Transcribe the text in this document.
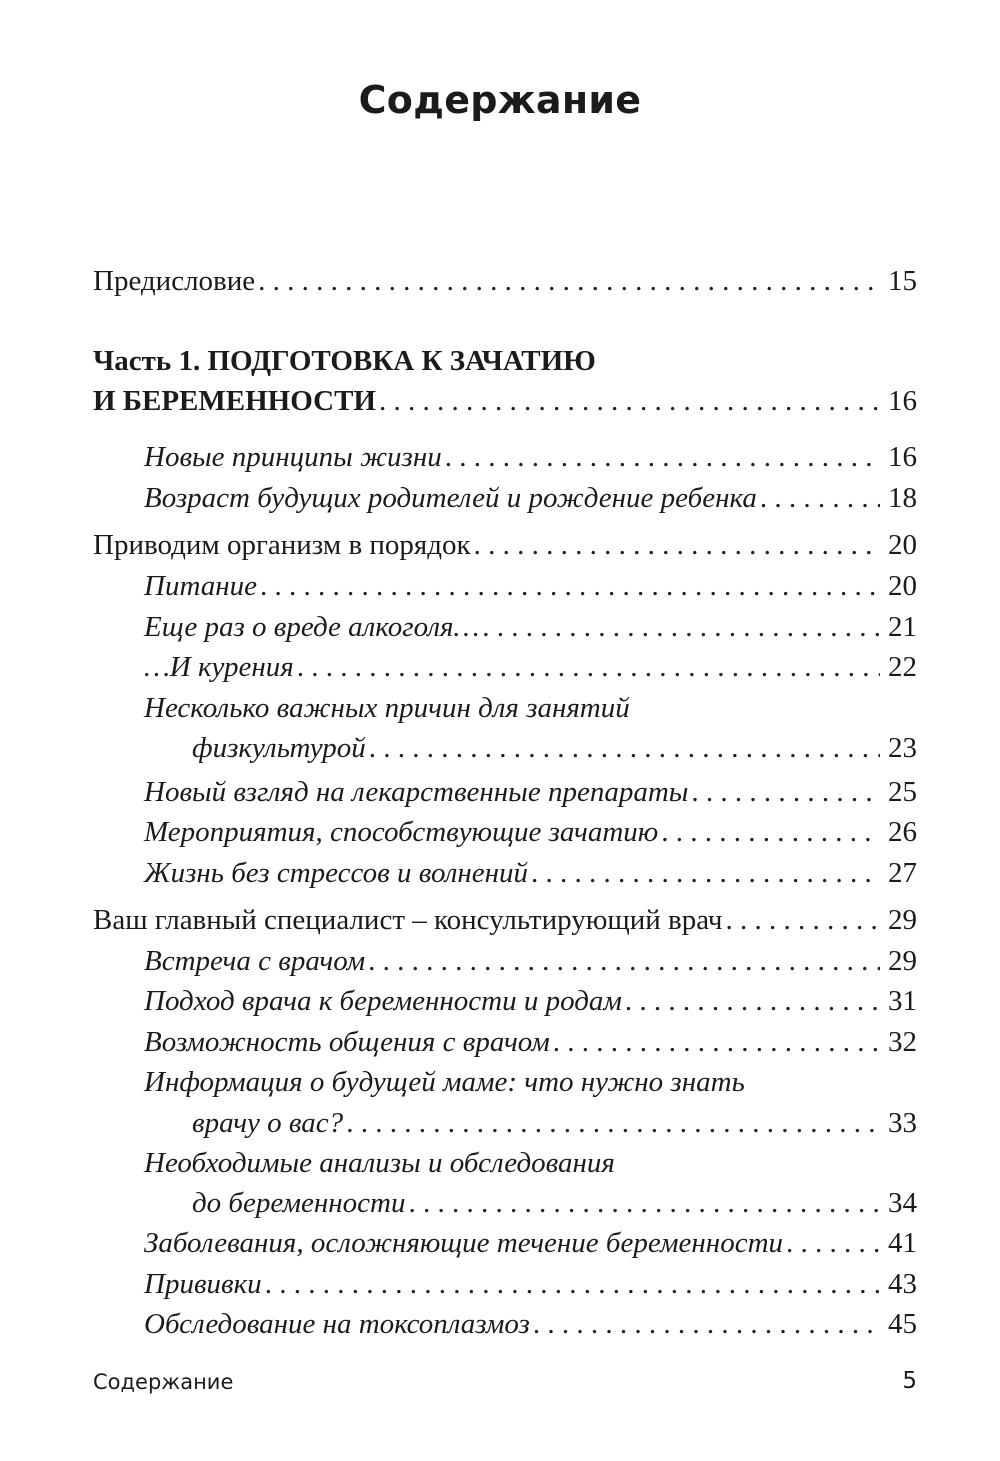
Содержание
Предисловие . . .	15
Часть 1. ПОДГОТОВКА К ЗАЧАТИЮ
И БЕРЕМЕННОСТИ . . .	16
Новые принципы жизни . . .	16
Возраст будущих родителей и рождение ребенка . . .	18
Приводим организм в порядок . . .	20
Питание . . .	20
Еще раз о вреде алкоголя… . . .	21
…И курения . . .	22
Несколько важных причин для занятий
физкультурой . . .	23
Новый взгляд на лекарственные препараты . . .	25
Мероприятия, способствующие зачатию . . .	26
Жизнь без стрессов и волнений . . .	27
Ваш главный специалист – консультирующий врач . . .	29
Встреча с врачом . . .	29
Подход врача к беременности и родам . . .	31
Возможность общения с врачом . . .	32
Информация о будущей маме: что нужно знать
врачу о вас? . . .	33
Необходимые анализы и обследования
до беременности . . .	34
Заболевания, осложняющие течение беременности . . .	41
Прививки . . .	43
Обследование на токсоплазмоз . . .	45
Содержание	5
